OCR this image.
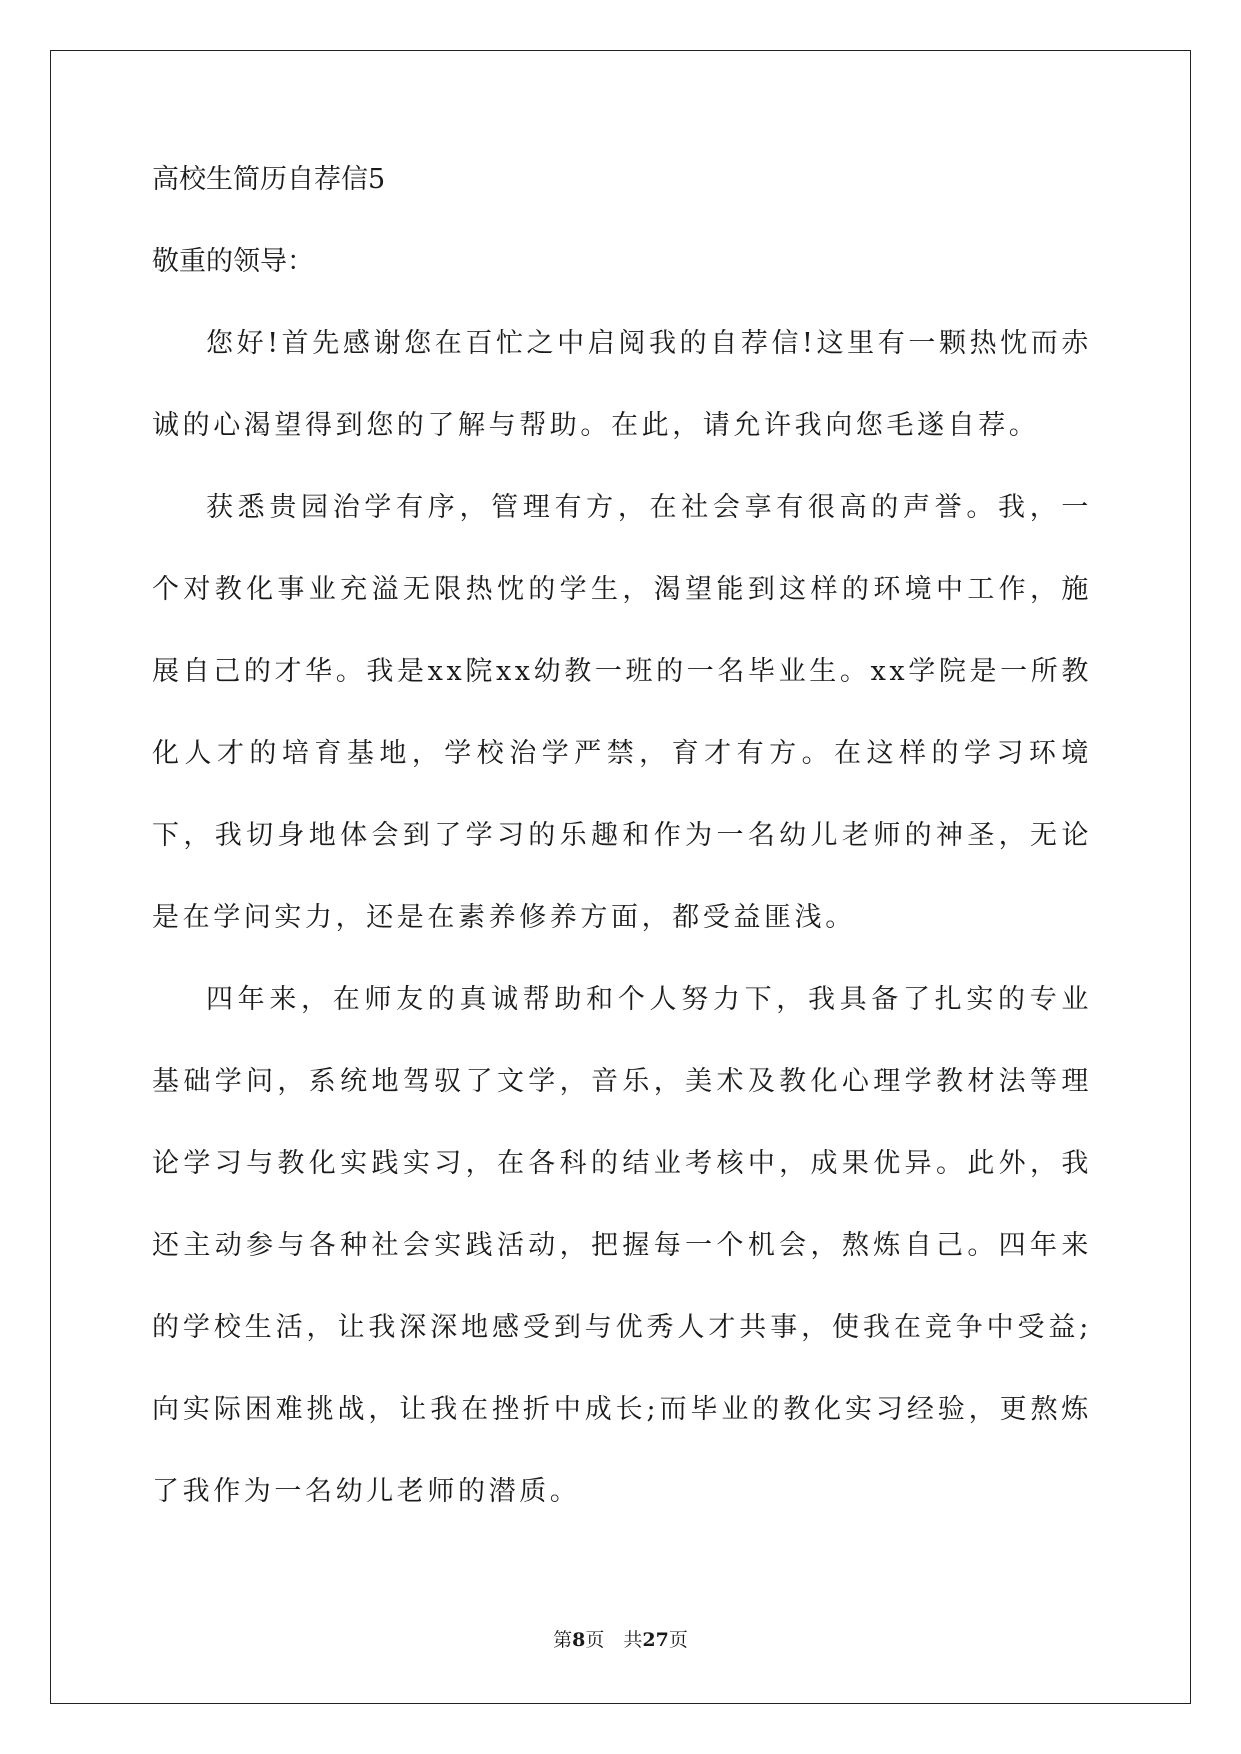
高校生简历自荐信5
敬重的领导：

您好!首先感谢您在百忙之中启阅我的自荐信!这里有一颗热忱而赤诚的心渴望得到您的了解与帮助。在此，请允许我向您毛遂自荐。

获悉贵园治学有序，管理有方，在社会享有很高的声誉。我，一个对教化事业充溢无限热忱的学生，渴望能到这样的环境中工作，施展自己的才华。我是xx院xx幼教一班的一名毕业生。xx学院是一所教化人才的培育基地，学校治学严禁，育才有方。在这样的学习环境下，我切身地体会到了学习的乐趣和作为一名幼儿老师的神圣，无论是在学问实力，还是在素养修养方面，都受益匪浅。

四年来，在师友的真诚帮助和个人努力下，我具备了扎实的专业基础学问，系统地驾驭了文学，音乐，美术及教化心理学教材法等理论学习与教化实践实习，在各科的结业考核中，成果优异。此外，我还主动参与各种社会实践活动，把握每一个机会，熬炼自己。四年来的学校生活，让我深深地感受到与优秀人才共事，使我在竞争中受益;向实际困难挑战，让我在挫折中成长;而毕业的教化实习经验，更熬炼了我作为一名幼儿老师的潜质。

第8页　共27页
